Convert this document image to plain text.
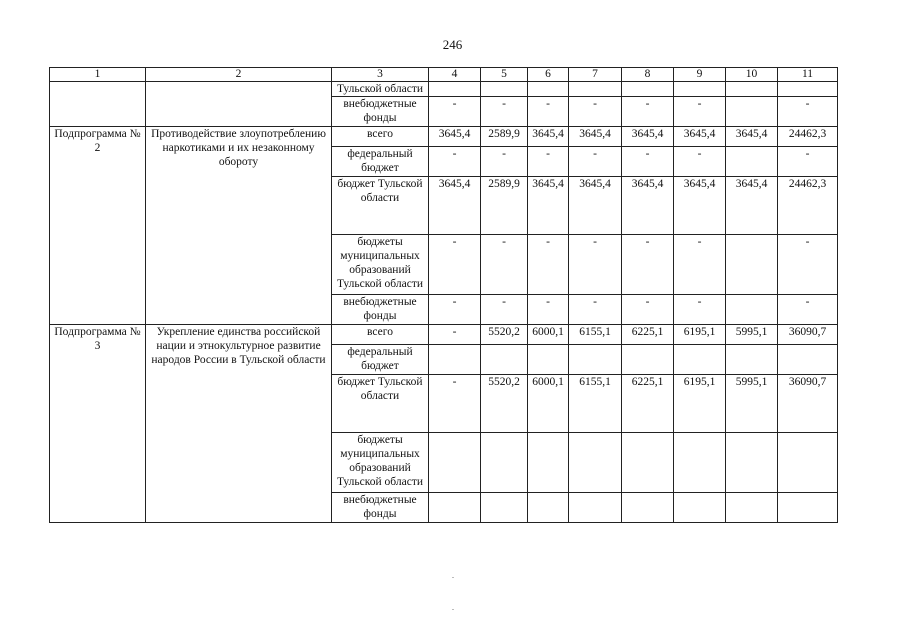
246
1	2	3	4	5	6	7	8	9	10	11
		Тульской области								
		внебюджетные фонды	-	-	-	-	-	-		-
Подпрограмма № 2	Противодействие злоупотреблению наркотиками и их незаконному обороту	всего	3645,4	2589,9	3645,4	3645,4	3645,4	3645,4	3645,4	24462,3
		федеральный бюджет	-	-	-	-	-	-		-
		бюджет Тульской области	3645,4	2589,9	3645,4	3645,4	3645,4	3645,4	3645,4	24462,3
		бюджеты муниципальных образований Тульской области	-	-	-	-	-	-		-
		внебюджетные фонды	-	-	-	-	-	-		-
Подпрограмма № 3	Укрепление единства российской нации и этнокультурное развитие народов России в Тульской области	всего	-	5520,2	6000,1	6155,1	6225,1	6195,1	5995,1	36090,7
		федеральный бюджет								
		бюджет Тульской области	-	5520,2	6000,1	6155,1	6225,1	6195,1	5995,1	36090,7
		бюджеты муниципальных образований Тульской области								
		внебюджетные фонды								
